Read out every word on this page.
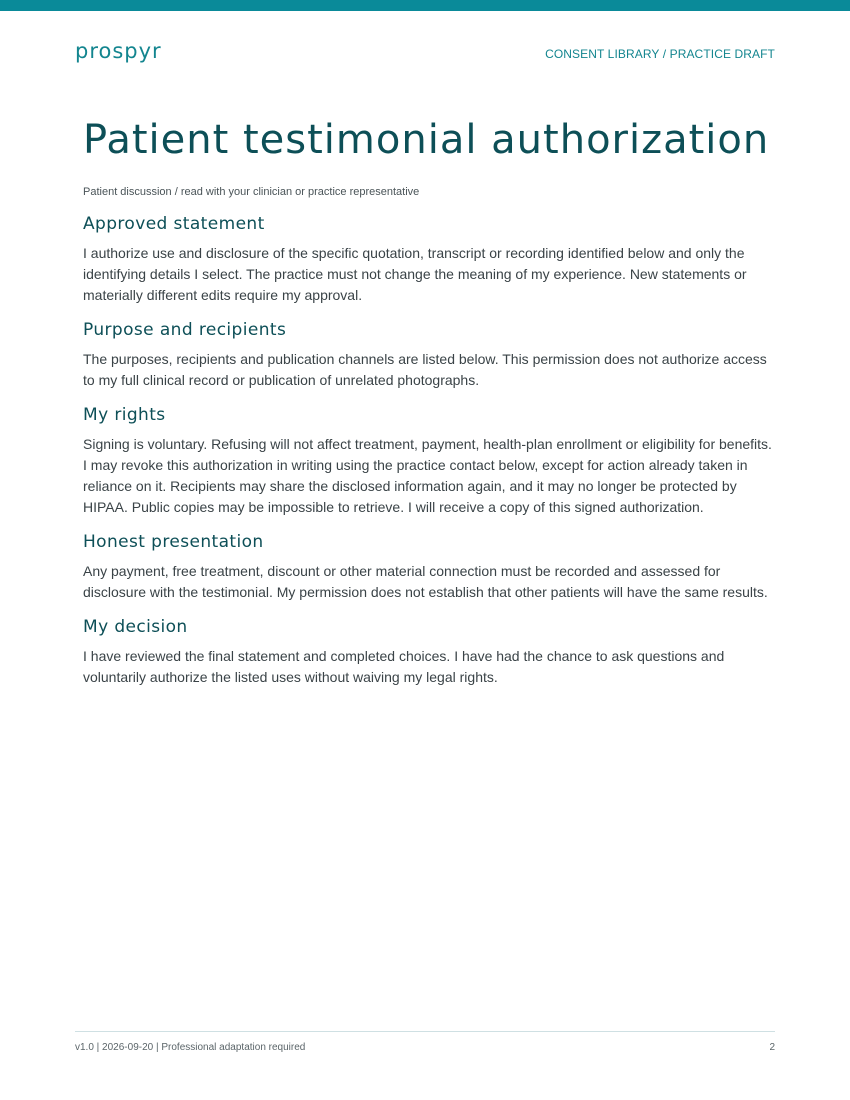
prospyr	CONSENT LIBRARY / PRACTICE DRAFT
Patient testimonial authorization
Patient discussion / read with your clinician or practice representative
Approved statement

I authorize use and disclosure of the specific quotation, transcript or recording identified below and only the identifying details I select. The practice must not change the meaning of my experience. New statements or materially different edits require my approval.

Purpose and recipients

The purposes, recipients and publication channels are listed below. This permission does not authorize access to my full clinical record or publication of unrelated photographs.

My rights

Signing is voluntary. Refusing will not affect treatment, payment, health-plan enrollment or eligibility for benefits. I may revoke this authorization in writing using the practice contact below, except for action already taken in reliance on it. Recipients may share the disclosed information again, and it may no longer be protected by HIPAA. Public copies may be impossible to retrieve. I will receive a copy of this signed authorization.

Honest presentation

Any payment, free treatment, discount or other material connection must be recorded and assessed for disclosure with the testimonial. My permission does not establish that other patients will have the same results.

My decision

I have reviewed the final statement and completed choices. I have had the chance to ask questions and voluntarily authorize the listed uses without waiving my legal rights.

v1.0 | 2026-09-20 | Professional adaptation required	2
